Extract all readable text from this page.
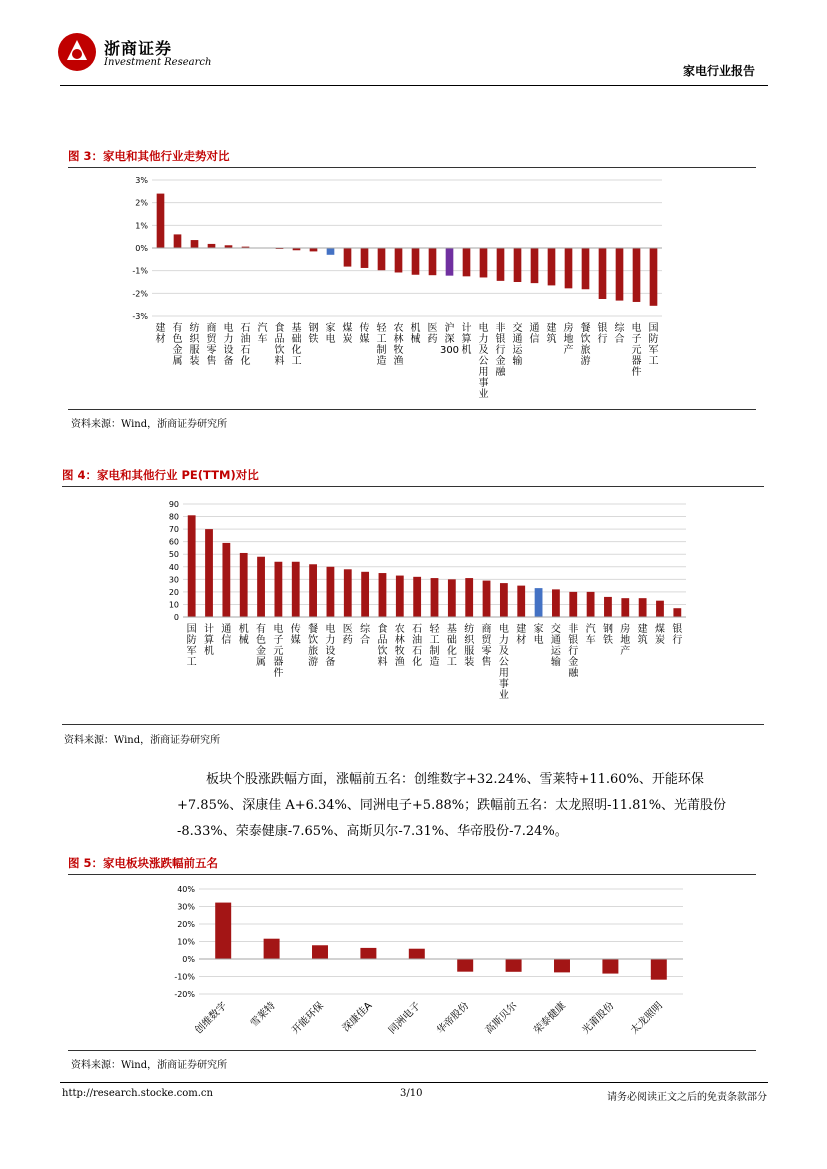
浙商证券
Investment Research
家电行业报告
图 3：家电和其他行业走势对比
3%
2%
1%
0%
-1%
-2%
-3%
建材
有色金属
纺织服装
商贸零售
电力设备
石油石化
汽车
食品饮料
基础化工
钢铁
家电
煤炭
传媒
轻工制造
农林牧渔
机械
医药
沪深 300
计算机
电力及公用事业
非银行金融
交通运输
通信
建筑
房地产
餐饮旅游
银行
综合
电子元器件
国防军工
资料来源：Wind，浙商证券研究所
图 4：家电和其他行业 PE(TTM)对比
90
80
70
60
50
40
30
20
10
0
国防军工
计算机
通信
机械
有色金属
电子元器件
传媒
餐饮旅游
电力设备
医药
综合
食品饮料
农林牧渔
石油石化
轻工制造
基础化工
纺织服装
商贸零售
电力及公用事业
建材
家电
交通运输
非银行金融
汽车
钢铁
房地产
建筑
煤炭
银行
资料来源：Wind，浙商证券研究所
板块个股涨跌幅方面，涨幅前五名：创维数字+32.24%、雪莱特+11.60%、开能环保
+7.85%、深康佳 A+6.34%、同洲电子+5.88%；跌幅前五名：太龙照明-11.81%、光莆股份
-8.33%、荣泰健康-7.65%、高斯贝尔-7.31%、华帝股份-7.24%。
图 5：家电板块涨跌幅前五名
40%
30%
20%
10%
0%
-10%
-20%
创维数字 雪莱特 开能环保 深康佳A 同洲电子 华帝股份 高斯贝尔 荣泰健康 光莆股份 太龙照明
资料来源：Wind，浙商证券研究所
http://research.stocke.com.cn	3/10	请务必阅读正文之后的免责条款部分
